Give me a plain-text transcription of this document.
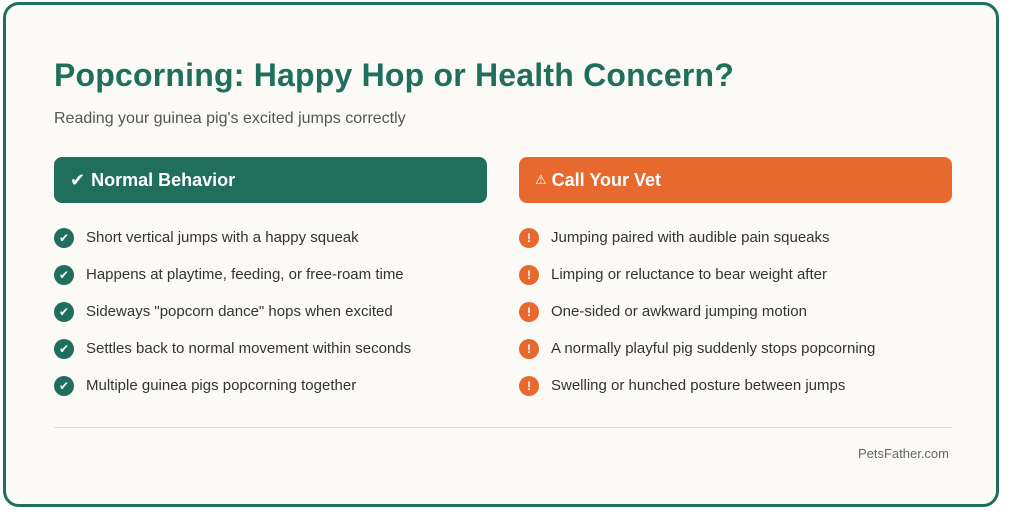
Popcorning: Happy Hop or Health Concern?

Reading your guinea pig's excited jumps correctly

✔ Normal Behavior
✔	Short vertical jumps with a happy squeak
✔	Happens at playtime, feeding, or free-roam time
✔	Sideways "popcorn dance" hops when excited
✔	Settles back to normal movement within seconds
✔	Multiple guinea pigs popcorning together
⚠ Call Your Vet
!	Jumping paired with audible pain squeaks
!	Limping or reluctance to bear weight after
!	One-sided or awkward jumping motion
!	A normally playful pig suddenly stops popcorning
!	Swelling or hunched posture between jumps
PetsFather.com
